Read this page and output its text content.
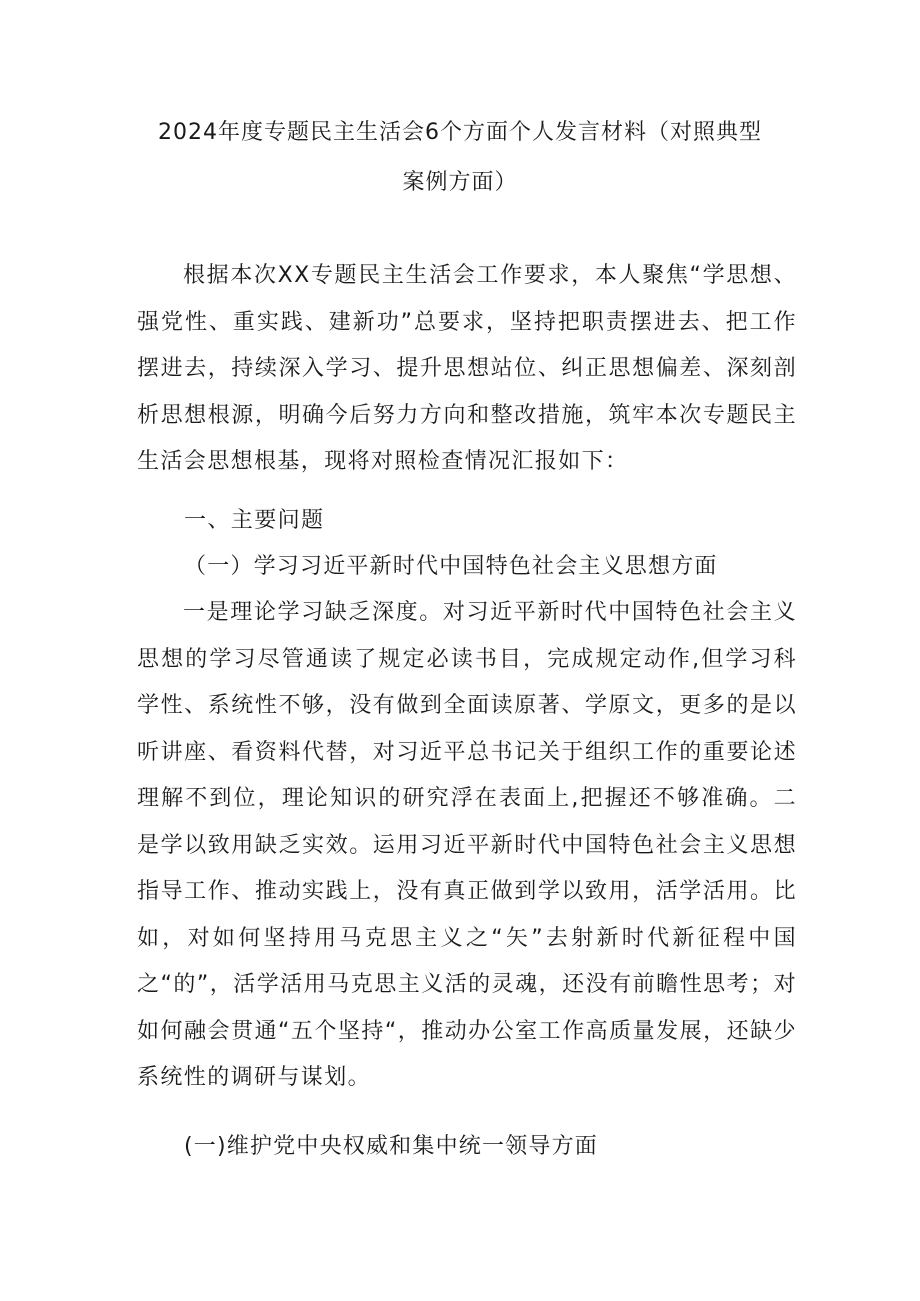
2024年度专题民主生活会6个方面个人发言材料（对照典型
案例方面）
根据本次XX专题民主生活会工作要求，本人聚焦“学思想、强党性、重实践、建新功”总要求，坚持把职责摆进去、把工作摆进去，持续深入学习、提升思想站位、纠正思想偏差、深刻剖析思想根源，明确今后努力方向和整改措施，筑牢本次专题民主生活会思想根基，现将对照检查情况汇报如下：
一、主要问题
（一）学习习近平新时代中国特色社会主义思想方面
一是理论学习缺乏深度。对习近平新时代中国特色社会主义思想的学习尽管通读了规定必读书目，完成规定动作,但学习科学性、系统性不够，没有做到全面读原著、学原文，更多的是以听讲座、看资料代替，对习近平总书记关于组织工作的重要论述理解不到位，理论知识的研究浮在表面上,把握还不够准确。二是学以致用缺乏实效。运用习近平新时代中国特色社会主义思想指导工作、推动实践上，没有真正做到学以致用，活学活用。比如，对如何坚持用马克思主义之“矢”去射新时代新征程中国之“的”，活学活用马克思主义活的灵魂，还没有前瞻性思考；对如何融会贯通“五个坚持“，推动办公室工作高质量发展，还缺少系统性的调研与谋划。
(一)维护党中央权威和集中统一领导方面
